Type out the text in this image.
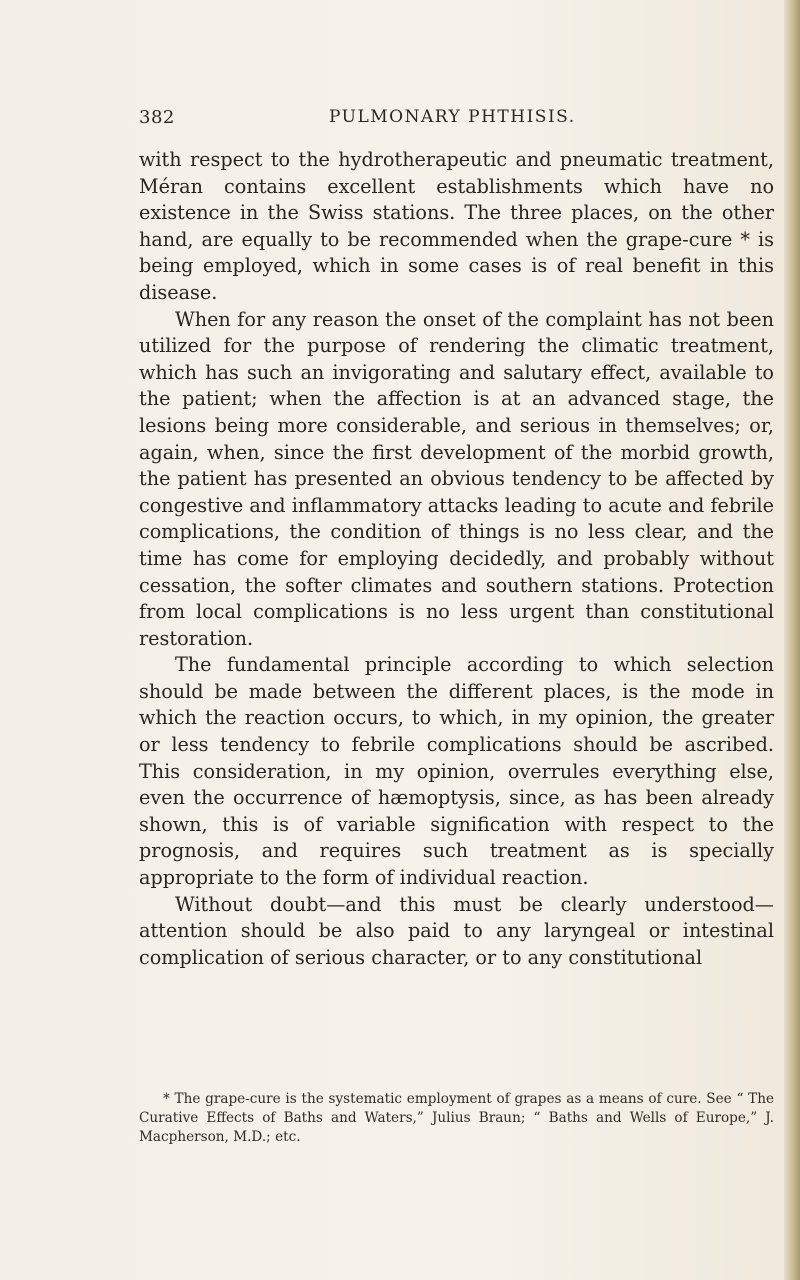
382	PULMONARY PHTHISIS.

with respect to the hydrotherapeutic and pneumatic treatment, Méran contains excellent establishments which have no existence in the Swiss stations. The three places, on the other hand, are equally to be recommended when the grape-cure * is being employed, which in some cases is of real benefit in this disease.

When for any reason the onset of the complaint has not been utilized for the purpose of rendering the climatic treatment, which has such an invigorating and salutary effect, available to the patient; when the affection is at an advanced stage, the lesions being more considerable, and serious in themselves; or, again, when, since the first development of the morbid growth, the patient has presented an obvious tendency to be affected by congestive and inflammatory attacks leading to acute and febrile complications, the condition of things is no less clear, and the time has come for employing decidedly, and probably without cessation, the softer climates and southern stations. Protection from local complications is no less urgent than constitutional restoration.

The fundamental principle according to which selection should be made between the different places, is the mode in which the reaction occurs, to which, in my opinion, the greater or less tendency to febrile complications should be ascribed. This consideration, in my opinion, overrules everything else, even the occurrence of hæmoptysis, since, as has been already shown, this is of variable signification with respect to the prognosis, and requires such treatment as is specially appropriate to the form of individual reaction.

Without doubt—and this must be clearly understood—attention should be also paid to any laryngeal or intestinal complication of serious character, or to any constitutional

* The grape-cure is the systematic employment of grapes as a means of cure. See “ The Curative Effects of Baths and Waters,” Julius Braun; “ Baths and Wells of Europe,” J. Macpherson, M.D.; etc.
